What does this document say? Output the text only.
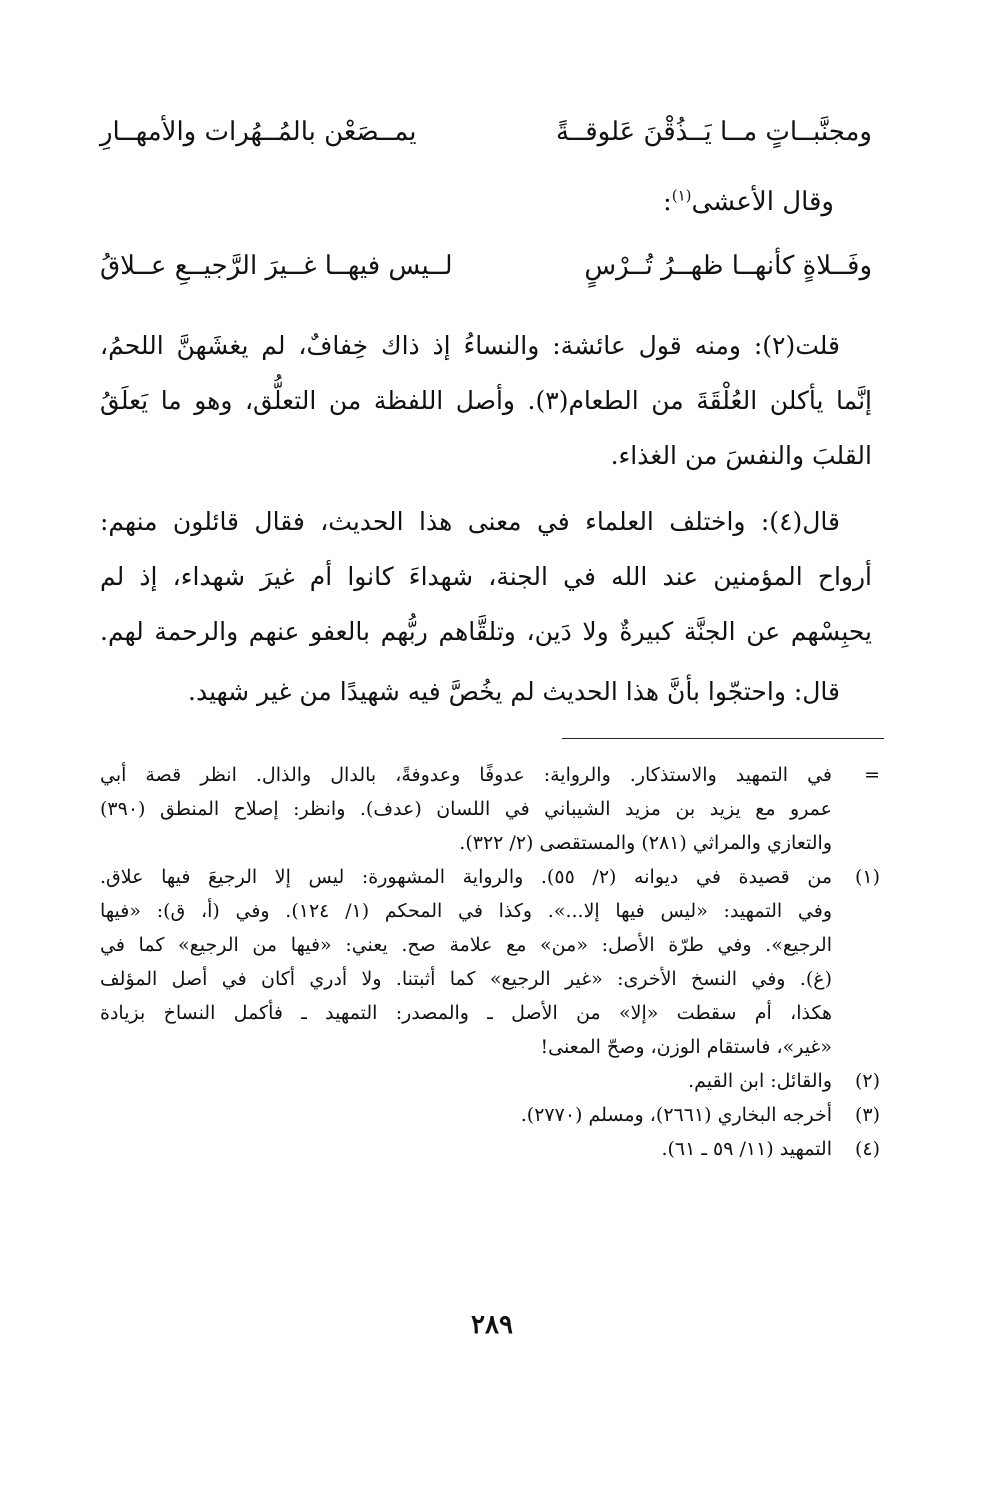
ومجنَّبــاتٍ مــا يَــذُقْنَ عَلوقــةً
يمــصَعْن بالمُــهُرات والأمهــارِ
وقال الأعشى$^{(١)}$:
وفَــلاةٍ كأنهــا ظهــرُ تُــرْسٍ
لــيس فيهــا غــيرَ الرَّجيــعِ عــلاقُ
قلت(٢): ومنه قول عائشة: والنساءُ إذ ذاك خِفافٌ، لم يغشَهنَّ اللحمُ،
إنَّما يأكلن العُلْقَةَ من الطعام(٣). وأصل اللفظة من التعلُّق، وهو ما يَعلَقُ
القلبَ والنفسَ من الغذاء.
قال(٤): واختلف العلماء في معنى هذا الحديث، فقال قائلون منهم:
أرواح المؤمنين عند الله في الجنة، شهداءَ كانوا أم غيرَ شهداء، إذ لم
يحبِسْهم عن الجنَّة كبيرةٌ ولا دَين، وتلقَّاهم ربُّهم بالعفو عنهم والرحمة لهم.
قال: واحتجّوا بأنَّ هذا الحديث لم يخُصَّ فيه شهيدًا من غير شهيد.
=
في التمهيد والاستذكار. والرواية: عدوفًا وعدوفةً، بالدال والذال. انظر قصة أبي
عمرو مع يزيد بن مزيد الشيباني في اللسان (عدف). وانظر: إصلاح المنطق (٣٩٠)
والتعازي والمراثي (٢٨١) والمستقصى (٢/ ٣٢٢).
(١)
من قصيدة في ديوانه (٢/ ٥٥). والرواية المشهورة: ليس إلا الرجيعَ فيها علاق.
وفي التمهيد: «ليس فيها إلا...». وكذا في المحكم (١/ ١٢٤). وفي (أ، ق): «فيها
الرجيع». وفي طرّة الأصل: «من» مع علامة صح. يعني: «فيها من الرجيع» كما في
(غ). وفي النسخ الأخرى: «غير الرجيع» كما أثبتنا. ولا أدري أكان في أصل المؤلف
هكذا، أم سقطت «إلا» من الأصل ـ والمصدر: التمهيد ـ فأكمل النساخ بزيادة
«غير»، فاستقام الوزن، وصحّ المعنى!
(٢)
والقائل: ابن القيم.
(٣)
أخرجه البخاري (٢٦٦١)، ومسلم (٢٧٧٠).
(٤)
التمهيد (١١/ ٥٩ ـ ٦١).
٢٨٩
